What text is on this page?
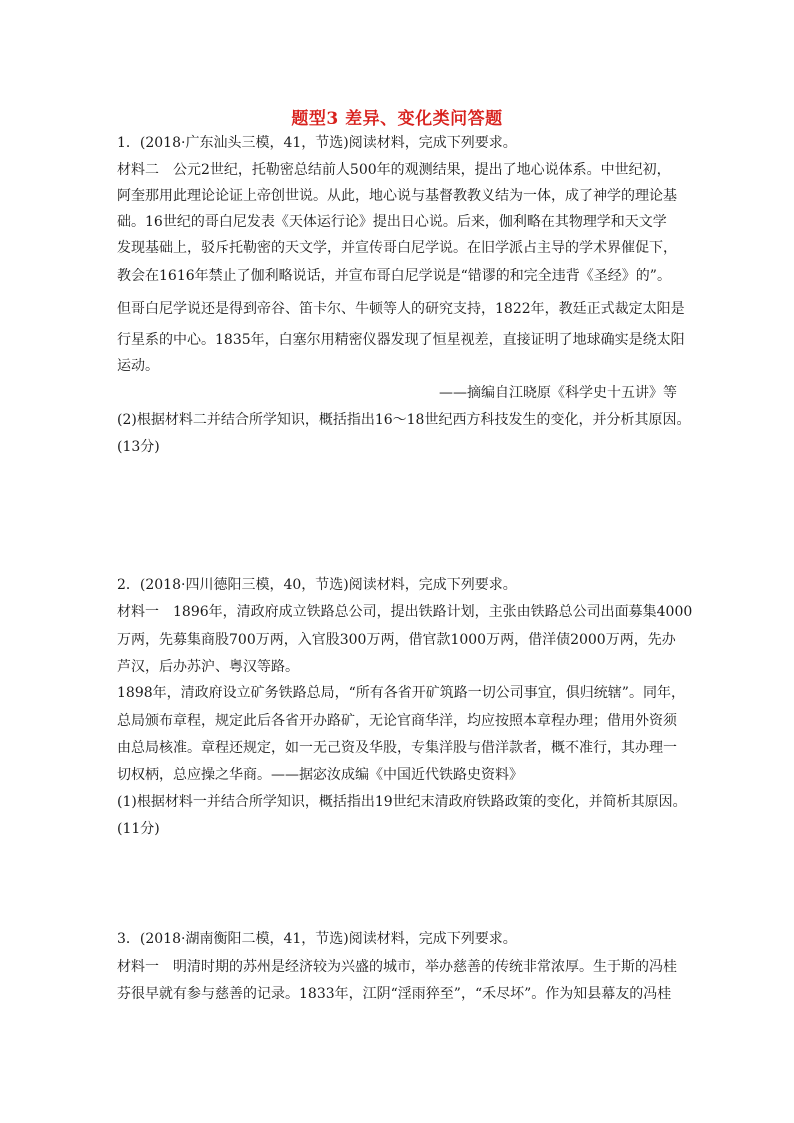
题型3 差异、变化类问答题
1．(2018·广东汕头三模，41，节选)阅读材料，完成下列要求。
材料二　公元2世纪，托勒密总结前人500年的观测结果，提出了地心说体系。中世纪初，
阿奎那用此理论论证上帝创世说。从此，地心说与基督教教义结为一体，成了神学的理论基
础。16世纪的哥白尼发表《天体运行论》提出日心说。后来，伽利略在其物理学和天文学
发现基础上，驳斥托勒密的天文学，并宣传哥白尼学说。在旧学派占主导的学术界催促下，
教会在1616年禁止了伽利略说话，并宣布哥白尼学说是“错谬的和完全违背《圣经》的”。
但哥白尼学说还是得到帝谷、笛卡尔、牛顿等人的研究支持，1822年，教廷正式裁定太阳是
行星系的中心。1835年，白塞尔用精密仪器发现了恒星视差，直接证明了地球确实是绕太阳
运动。
——摘编自江晓原《科学史十五讲》等
(2)根据材料二并结合所学知识，概括指出16～18世纪西方科技发生的变化，并分析其原因。
(13分)
2．(2018·四川德阳三模，40，节选)阅读材料，完成下列要求。
材料一　1896年，清政府成立铁路总公司，提出铁路计划，主张由铁路总公司出面募集4000
万两，先募集商股700万两，入官股300万两，借官款1000万两，借洋债2000万两，先办
芦汉，后办苏沪、粤汉等路。
1898年，清政府设立矿务铁路总局，“所有各省开矿筑路一切公司事宜，俱归统辖”。同年，
总局颁布章程，规定此后各省开办路矿，无论官商华洋，均应按照本章程办理；借用外资须
由总局核准。章程还规定，如一无己资及华股，专集洋股与借洋款者，概不准行，其办理一
切权柄，总应操之华商。——据宓汝成编《中国近代铁路史资料》
(1)根据材料一并结合所学知识，概括指出19世纪末清政府铁路政策的变化，并简析其原因。
(11分)
3．(2018·湖南衡阳二模，41，节选)阅读材料，完成下列要求。
材料一　明清时期的苏州是经济较为兴盛的城市，举办慈善的传统非常浓厚。生于斯的冯桂
芬很早就有参与慈善的记录。1833年，江阴“淫雨猝至”，“禾尽坏”。作为知县幕友的冯桂
